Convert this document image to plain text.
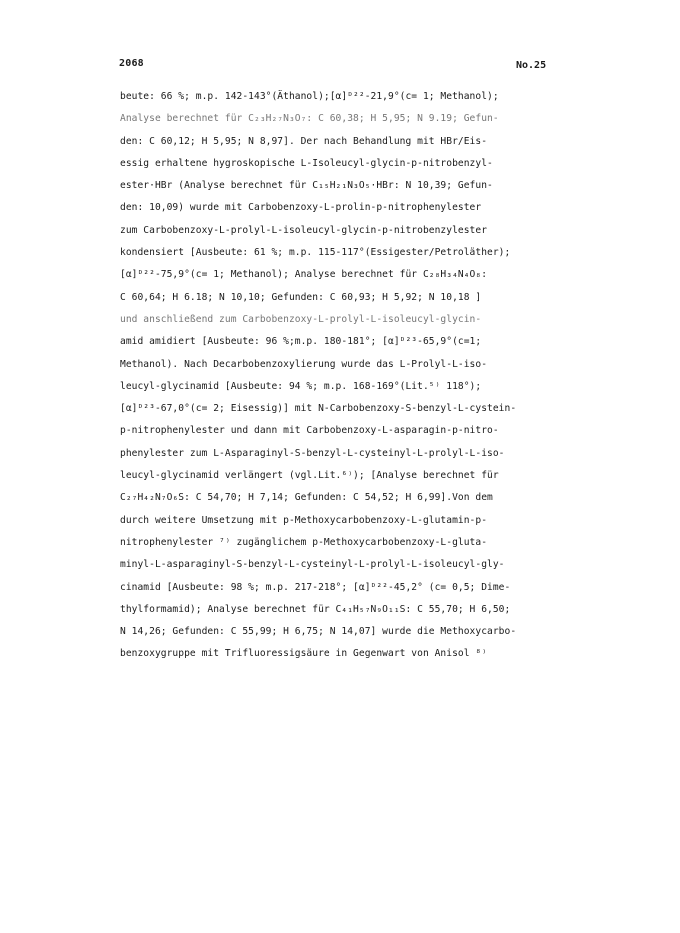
2068	No.25
beute: 66 %; m.p. 142-143°(Äthanol);[α]ᴰ²²-21,9°(c= 1; Methanol);
Analyse berechnet für C₂₃H₂₇N₃O₇: C 60,38; H 5,95; N 9.19; Gefun-
den: C 60,12; H 5,95; N 8,97]. Der nach Behandlung mit HBr/Eis-
essig erhaltene hygroskopische L-Isoleucyl-glycin-p-nitrobenzyl-
ester·HBr (Analyse berechnet für C₁₅H₂₁N₃O₅·HBr: N 10,39; Gefun-
den: 10,09) wurde mit Carbobenzoxy-L-prolin-p-nitrophenylester
zum Carbobenzoxy-L-prolyl-L-isoleucyl-glycin-p-nitrobenzylester
kondensiert [Ausbeute: 61 %; m.p. 115-117°(Essigester/Petroläther);
[α]ᴰ²²-75,9°(c= 1; Methanol); Analyse berechnet für C₂₈H₃₄N₄O₈:
C 60,64; H 6.18; N 10,10; Gefunden: C 60,93; H 5,92; N 10,18 ]
und anschließend zum Carbobenzoxy-L-prolyl-L-isoleucyl-glycin-
amid amidiert [Ausbeute: 96 %;m.p. 180-181°; [α]ᴰ²³-65,9°(c=1;
Methanol). Nach Decarbobenzoxylierung wurde das L-Prolyl-L-iso-
leucyl-glycinamid [Ausbeute: 94 %; m.p. 168-169°(Lit.⁵⁾ 118°);
[α]ᴰ²³-67,0°(c= 2; Eisessig)] mit N-Carbobenzoxy-S-benzyl-L-cystein-
p-nitrophenylester und dann mit Carbobenzoxy-L-asparagin-p-nitro-
phenylester zum L-Asparaginyl-S-benzyl-L-cysteinyl-L-prolyl-L-iso-
leucyl-glycinamid verlängert (vgl.Lit.⁶⁾); [Analyse berechnet für
C₂₇H₄₂N₇O₆S: C 54,70; H 7,14; Gefunden: C 54,52; H 6,99].Von dem
durch weitere Umsetzung mit p-Methoxycarbobenzoxy-L-glutamin-p-
nitrophenylester ⁷⁾ zugänglichem p-Methoxycarbobenzoxy-L-gluta-
minyl-L-asparaginyl-S-benzyl-L-cysteinyl-L-prolyl-L-isoleucyl-gly-
cinamid [Ausbeute: 98 %; m.p. 217-218°; [α]ᴰ²²-45,2° (c= 0,5; Dime-
thylformamid); Analyse berechnet für C₄₁H₅₇N₉O₁₁S: C 55,70; H 6,50;
N 14,26; Gefunden: C 55,99; H 6,75; N 14,07] wurde die Methoxycarbo-
benzoxygruppe mit Trifluoressigsäure in Gegenwart von Anisol ⁸⁾
